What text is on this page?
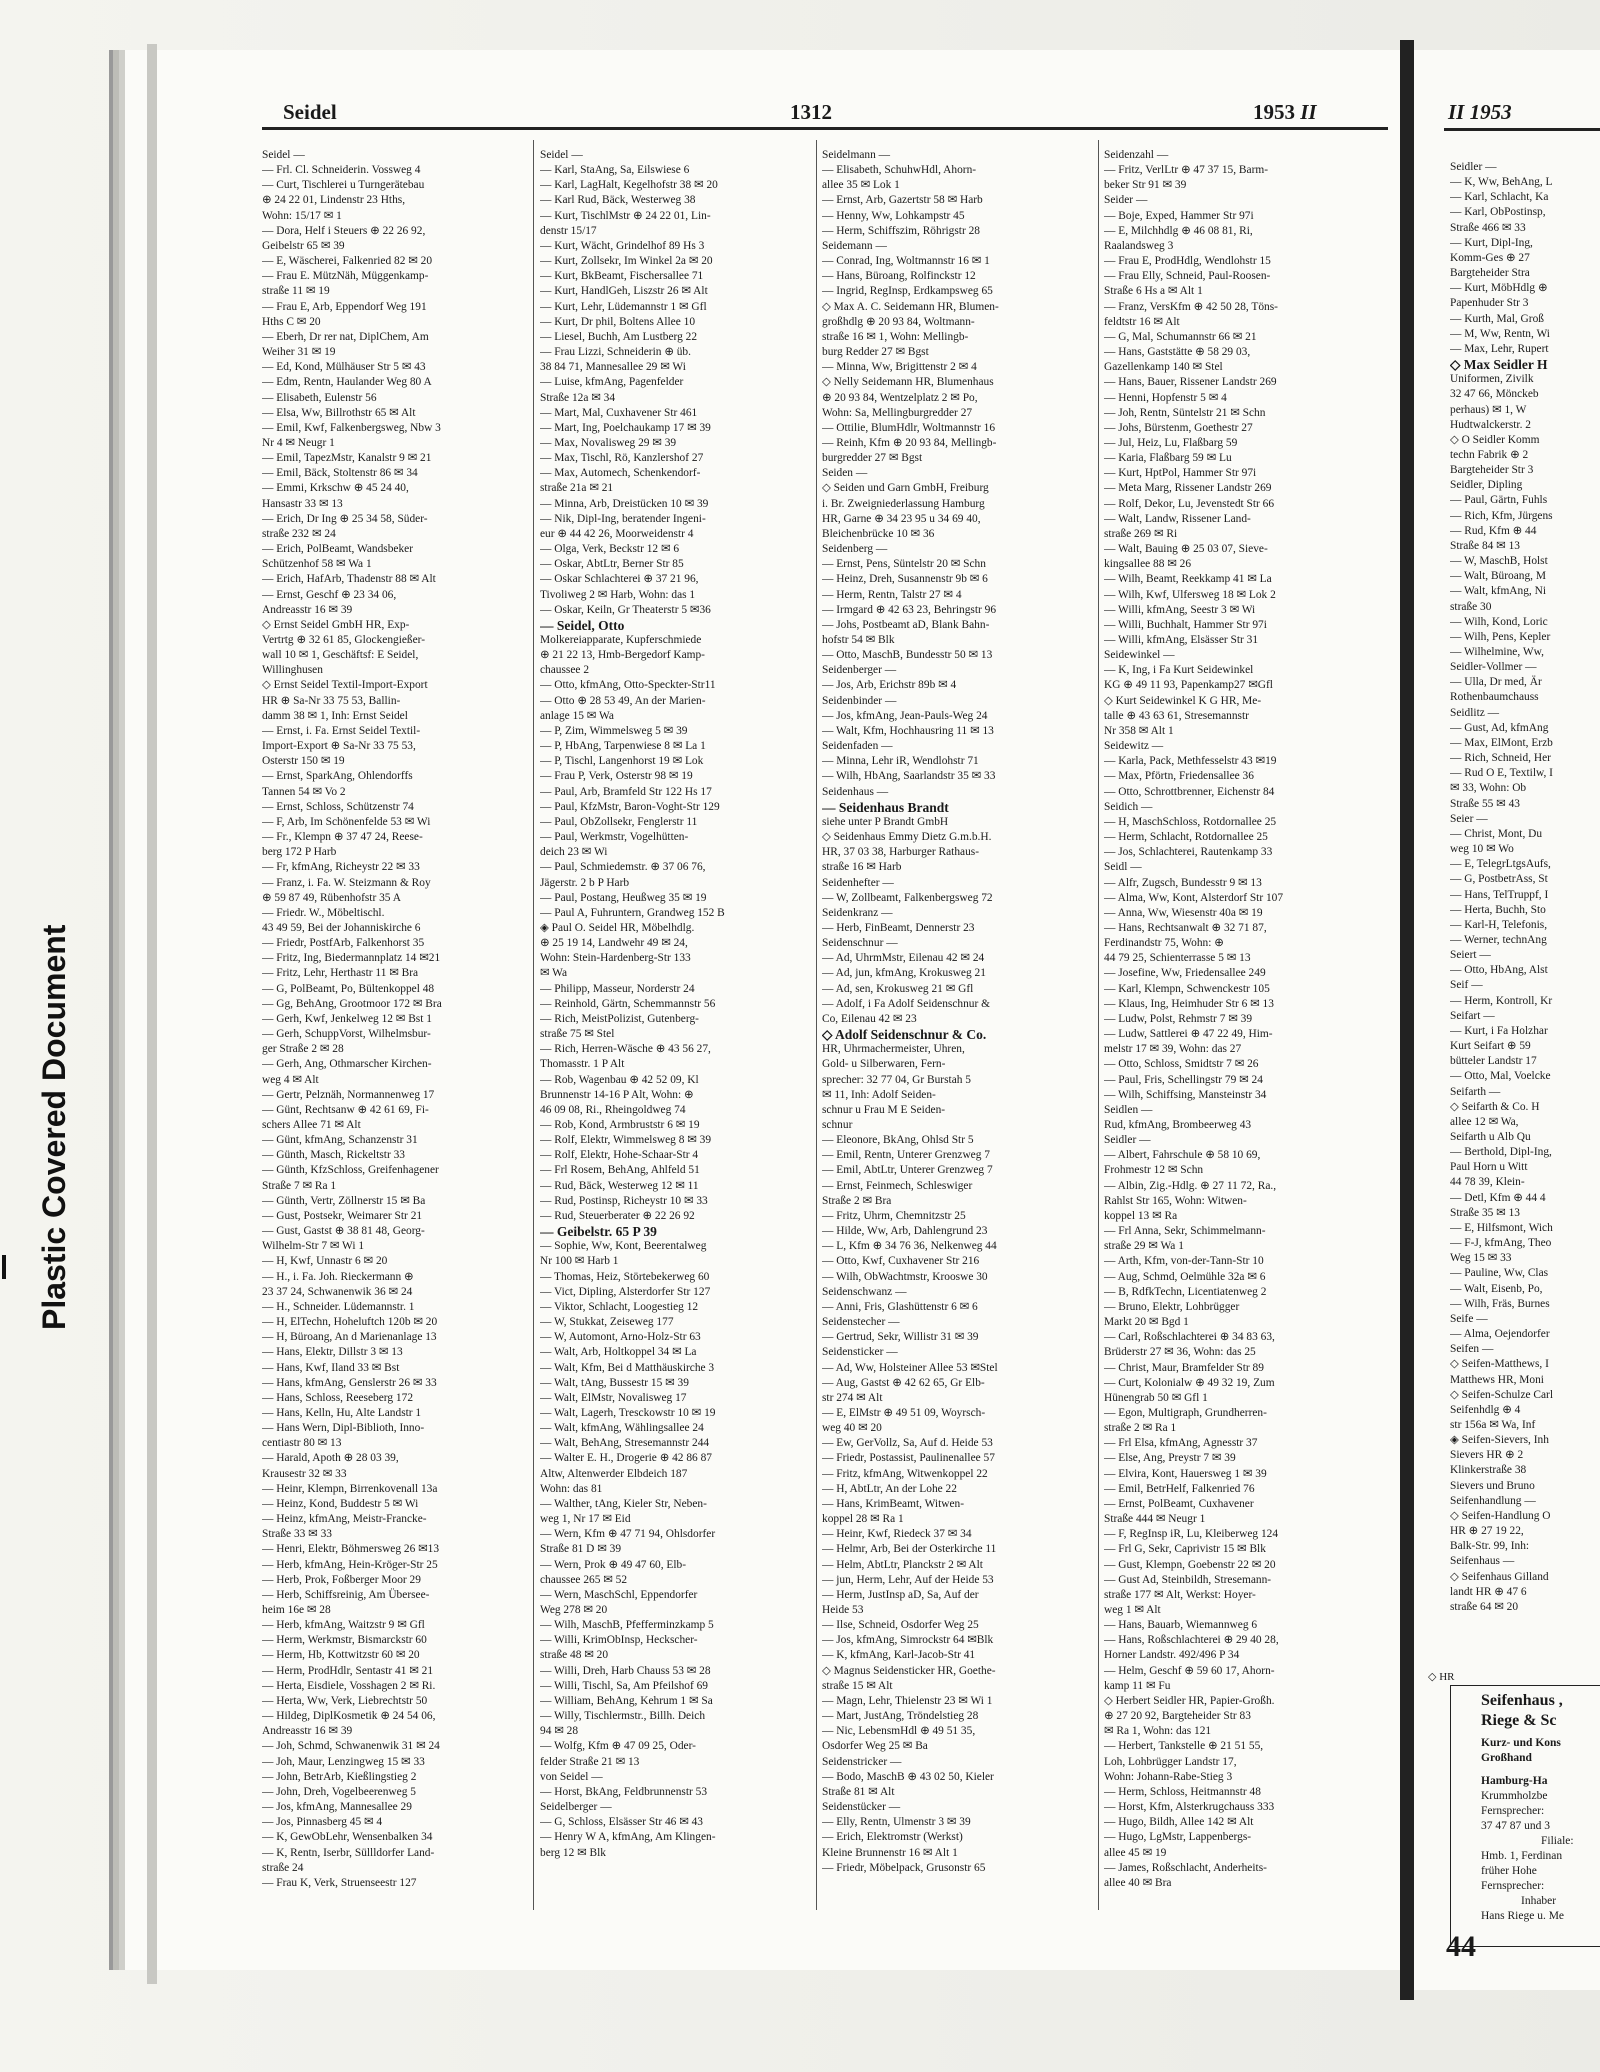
Plastic Covered Document
Seidel	1312	1953 II
Seidel —
— Frl. Cl. Schneiderin. Vossweg 4
— Curt, Tischlerei u Turngerätebau
⊕ 24 22 01, Lindenstr 23 Hths,
Wohn: 15/17 ✉ 1
— Dora, Helf i Steuers ⊕ 22 26 92,
Geibelstr 65 ✉ 39
— E, Wäscherei, Falkenried 82 ✉ 20
— Frau E. MützNäh, Müggenkamp-
straße 11 ✉ 19
— Frau E, Arb, Eppendorf Weg 191
Hths C ✉ 20
— Eberh, Dr rer nat, DiplChem, Am
Weiher 31 ✉ 19
— Ed, Kond, Mülhäuser Str 5 ✉ 43
— Edm, Rentn, Haulander Weg 80 A
— Elisabeth, Eulenstr 56
— Elsa, Ww, Billrothstr 65 ✉ Alt
— Emil, Kwf, Falkenbergsweg, Nbw 3
Nr 4 ✉ Neugr 1
— Emil, TapezMstr, Kanalstr 9 ✉ 21
— Emil, Bäck, Stoltenstr 86 ✉ 34
— Emmi, Krkschw ⊕ 45 24 40,
Hansastr 33 ✉ 13
— Erich, Dr Ing ⊕ 25 34 58, Süder-
straße 232 ✉ 24
— Erich, PolBeamt, Wandsbeker
Schützenhof 58 ✉ Wa 1
— Erich, HafArb, Thadenstr 88 ✉ Alt
— Ernst, Geschf ⊕ 23 34 06,
Andreasstr 16 ✉ 39
◇ Ernst Seidel GmbH HR, Exp-
Vertrtg ⊕ 32 61 85, Glockengießer-
wall 10 ✉ 1, Geschäftsf: E Seidel,
Willinghusen
◇ Ernst Seidel Textil-Import-Export
HR ⊕ Sa-Nr 33 75 53, Ballin-
damm 38 ✉ 1, Inh: Ernst Seidel
— Ernst, i. Fa. Ernst Seidel Textil-
Import-Export ⊕ Sa-Nr 33 75 53,
Osterstr 150 ✉ 19
— Ernst, SparkAng, Ohlendorffs
Tannen 54 ✉ Vo 2
— Ernst, Schloss, Schützenstr 74
— F, Arb, Im Schönenfelde 53 ✉ Wi
— Fr., Klempn ⊕ 37 47 24, Reese-
berg 172 P Harb
— Fr, kfmAng, Richeystr 22 ✉ 33
— Franz, i. Fa. W. Steizmann & Roy
⊕ 59 87 49, Rübenhofstr 35 A
— Friedr. W., Möbeltischl.
43 49 59, Bei der Johanniskirche 6
— Friedr, PostfArb, Falkenhorst 35
— Fritz, Ing, Biedermannplatz 14 ✉21
— Fritz, Lehr, Herthastr 11 ✉ Bra
— G, PolBeamt, Po, Bültenkoppel 48
— Gg, BehAng, Grootmoor 172 ✉ Bra
— Gerh, Kwf, Jenkelweg 12 ✉ Bst 1
— Gerh, SchuppVorst, Wilhelmsbur-
ger Straße 2 ✉ 28
— Gerh, Ang, Othmarscher Kirchen-
weg 4 ✉ Alt
— Gertr, Pelznäh, Normannenweg 17
— Günt, Rechtsanw ⊕ 42 61 69, Fi-
schers Allee 71 ✉ Alt
— Günt, kfmAng, Schanzenstr 31
— Günth, Masch, Rickeltstr 33
— Günth, KfzSchloss, Greifenhagener
Straße 7 ✉ Ra 1
— Günth, Vertr, Zöllnerstr 15 ✉ Ba
— Gust, Postsekr, Weimarer Str 21
— Gust, Gastst ⊕ 38 81 48, Georg-
Wilhelm-Str 7 ✉ Wi 1
— H, Kwf, Unnastr 6 ✉ 20
— H., i. Fa. Joh. Rieckermann ⊕
23 37 24, Schwanenwik 36 ✉ 24
— H., Schneider. Lüdemannstr. 1
— H, ElTechn, Hoheluftch 120b ✉ 20
— H, Büroang, An d Marienanlage 13
— Hans, Elektr, Dillstr 3 ✉ 13
— Hans, Kwf, Iland 33 ✉ Bst
— Hans, kfmAng, Genslerstr 26 ✉ 33
— Hans, Schloss, Reeseberg 172
— Hans, Kelln, Hu, Alte Landstr 1
— Hans Wern, Dipl-Biblioth, Inno-
centiastr 80 ✉ 13
— Harald, Apoth ⊕ 28 03 39,
Krausestr 32 ✉ 33
— Heinr, Klempn, Birrenkovenall 13a
— Heinz, Kond, Buddestr 5 ✉ Wi
— Heinz, kfmAng, Meistr-Francke-
Straße 33 ✉ 33
— Henri, Elektr, Böhmersweg 26 ✉13
— Herb, kfmAng, Hein-Kröger-Str 25
— Herb, Prok, Foßberger Moor 29
— Herb, Schiffsreinig, Am Überseе-
heim 16e ✉ 28
— Herb, kfmAng, Waitzstr 9 ✉ Gfl
— Herm, Werkmstr, Bismarckstr 60
— Herm, Hb, Kottwitzstr 60 ✉ 20
— Herm, ProdHdlr, Sentastr 41 ✉ 21
— Herta, Eisdiele, Vosshagen 2 ✉ Ri.
— Herta, Ww, Verk, Liebrechtstr 50
— Hildeg, DiplKosmetik ⊕ 24 54 06,
Andreasstr 16 ✉ 39
— Joh, Schmd, Schwanenwik 31 ✉ 24
— Joh, Maur, Lenzingweg 15 ✉ 33
— John, BetrArb, Kießlingstieg 2
— John, Dreh, Vogelbeerenweg 5
— Jos, kfmAng, Mannesallee 29
— Jos, Pinnasberg 45 ✉ 4
— K, GewObLehr, Wensenbalken 34
— K, Rentn, Iserbr, Süllldorfer Land-
straße 24
— Frau K, Verk, Struenseestr 127
Seidel —
— Karl, StaAng, Sa, Eilswiese 6
— Karl, LagHalt, Kegelhofstr 38 ✉ 20
— Karl Rud, Bäck, Westerweg 38
— Kurt, TischlMstr ⊕ 24 22 01, Lin-
denstr 15/17
— Kurt, Wächt, Grindelhof 89 Hs 3
— Kurt, Zollsekr, Im Winkel 2a ✉ 20
— Kurt, BkBeamt, Fischersallee 71
— Kurt, HandlGeh, Liszstr 26 ✉ Alt
— Kurt, Lehr, Lüdemannstr 1 ✉ Gfl
— Kurt, Dr phil, Boltens Allee 10
— Liesel, Buchh, Am Lustberg 22
— Frau Lizzi, Schneiderin ⊕ üb.
38 84 71, Mannesallee 29 ✉ Wi
— Luise, kfmAng, Pagenfelder
Straße 12a ✉ 34
— Mart, Mal, Cuxhavener Str 461
— Mart, Ing, Poelchaukamp 17 ✉ 39
— Max, Novalisweg 29 ✉ 39
— Max, Tischl, Rö, Kanzlershof 27
— Max, Automech, Schenkendorf-
straße 21a ✉ 21
— Minna, Arb, Dreistücken 10 ✉ 39
— Nik, Dipl-Ing, beratender Ingeni-
eur ⊕ 44 42 26, Moorweidenstr 4
— Olga, Verk, Beckstr 12 ✉ 6
— Oskar, AbtLtr, Berner Str 85
— Oskar Schlachterei ⊕ 37 21 96,
Tivoliweg 2 ✉ Harb, Wohn: das 1
— Oskar, Keiln, Gr Theaterstr 5 ✉36
— Seidel, Otto
Molkereiapparate, Kupferschmiede
⊕ 21 22 13, Hmb-Bergedorf Kamp-
chaussee 2
— Otto, kfmAng, Otto-Speckter-Str11
— Otto ⊕ 28 53 49, An der Marien-
anlage 15 ✉ Wa
— P, Zim, Wimmelsweg 5 ✉ 39
— P, HbAng, Tarpenwiese 8 ✉ La 1
— P, Tischl, Langenhorst 19 ✉ Lok
— Frau P, Verk, Osterstr 98 ✉ 19
— Paul, Arb, Bramfeld Str 122 Hs 17
— Paul, KfzMstr, Baron-Voght-Str 129
— Paul, ObZollsekr, Fenglerstr 11
— Paul, Werkmstr, Vogelhütten-
deich 23 ✉ Wi
— Paul, Schmiedemstr. ⊕ 37 06 76,
Jägerstr. 2 b P Harb
— Paul, Postang, Heußweg 35 ✉ 19
— Paul A, Fuhruntern, Grandweg 152 B
◈ Paul O. Seidel HR, Möbelhdlg.
⊕ 25 19 14, Landwehr 49 ✉ 24,
Wohn: Stein-Hardenberg-Str 133
✉ Wa
— Philipp, Masseur, Norderstr 24
— Reinhold, Gärtn, Schemmannstr 56
— Rich, MeistPolizist, Gutenberg-
straße 75 ✉ Stel
— Rich, Herren-Wäsche ⊕ 43 56 27,
Thomasstr. 1 P Alt
— Rob, Wagenbau ⊕ 42 52 09, Kl
Brunnenstr 14-16 P Alt, Wohn: ⊕
46 09 08, Ri., Rheingoldweg 74
— Rob, Kond, Armbruststr 6 ✉ 19
— Rolf, Elektr, Wimmelsweg 8 ✉ 39
— Rolf, Elektr, Hohe-Schaar-Str 4
— Frl Rosem, BehAng, Ahlfeld 51
— Rud, Bäck, Westerweg 12 ✉ 11
— Rud, Postinsp, Richeystr 10 ✉ 33
— Rud, Steuerberater ⊕ 22 26 92
— Geibelstr. 65 P 39
— Sophie, Ww, Kont, Beerentalweg
Nr 100 ✉ Harb 1
— Thomas, Heiz, Störtebekerweg 60
— Vict, Dipling, Alsterdorfer Str 127
— Viktor, Schlacht, Loogestieg 12
— W, Stukkat, Zeiseweg 177
— W, Automont, Arno-Holz-Str 63
— Walt, Arb, Holtkoppel 34 ✉ La
— Walt, Kfm, Bei d Matthäuskirche 3
— Walt, tAng, Bussestr 15 ✉ 39
— Walt, ElMstr, Novalisweg 17
— Walt, Lagerh, Tresckowstr 10 ✉ 19
— Walt, kfmAng, Wählingsallee 24
— Walt, BehAng, Stresemannstr 244
— Walter E. H., Drogerie ⊕ 42 86 87
Altw, Altenwerder Elbdeich 187
Wohn: das 81
— Walther, tAng, Kieler Str, Neben-
weg 1, Nr 17 ✉ Eid
— Wern, Kfm ⊕ 47 71 94, Ohlsdorfer
Straße 81 D ✉ 39
— Wern, Prok ⊕ 49 47 60, Elb-
chaussee 265 ✉ 52
— Wern, MaschSchl, Eppendorfer
Weg 278 ✉ 20
— Wilh, MaschB, Pfefferminzkamp 5
— Willi, KrimObInsp, Heckscher-
straße 48 ✉ 20
— Willi, Dreh, Harb Chauss 53 ✉ 28
— Willi, Tischl, Sa, Am Pfeilshof 69
— William, BehAng, Kehrum 1 ✉ Sa
— Willy, Tischlermstr., Billh. Deich
94 ✉ 28
— Wolfg, Kfm ⊕ 47 09 25, Oder-
felder Straße 21 ✉ 13
von Seidel —
— Horst, BkAng, Feldbrunnenstr 53
Seidelberger —
— G, Schloss, Elsässer Str 46 ✉ 43
— Henry W A, kfmAng, Am Klingen-
berg 12 ✉ Blk
Seidelmann —
— Elisabeth, SchuhwHdl, Ahorn-
allee 35 ✉ Lok 1
— Ernst, Arb, Gazertstr 58 ✉ Harb
— Henny, Ww, Lohkampstr 45
— Herm, Schiffszim, Röhrigstr 28
Seidemann —
— Conrad, Ing, Woltmannstr 16 ✉ 1
— Hans, Büroang, Rolfinckstr 12
— Ingrid, RegInsp, Erdkampsweg 65
◇ Max A. C. Seidemann HR, Blumen-
großhdlg ⊕ 20 93 84, Woltmann-
straße 16 ✉ 1, Wohn: Mellingb-
burg Redder 27 ✉ Bgst
— Minna, Ww, Brigittenstr 2 ✉ 4
◇ Nelly Seidemann HR, Blumenhaus
⊕ 20 93 84, Wentzelplatz 2 ✉ Po,
Wohn: Sa, Mellingburgredder 27
— Ottilie, BlumHdlr, Woltmannstr 16
— Reinh, Kfm ⊕ 20 93 84, Mellingb-
burgredder 27 ✉ Bgst
Seiden —
◇ Seiden und Garn GmbH, Freiburg
i. Br. Zweigniederlassung Hamburg
HR, Garne ⊕ 34 23 95 u 34 69 40,
Bleichenbrücke 10 ✉ 36
Seidenberg —
— Ernst, Pens, Süntelstr 20 ✉ Schn
— Heinz, Dreh, Susannenstr 9b ✉ 6
— Herm, Rentn, Talstr 27 ✉ 4
— Irmgard ⊕ 42 63 23, Behringstr 96
— Johs, Postbeamt aD, Blank Bahn-
hofstr 54 ✉ Blk
— Otto, MaschB, Bundesstr 50 ✉ 13
Seidenberger —
— Jos, Arb, Erichstr 89b ✉ 4
Seidenbinder —
— Jos, kfmAng, Jean-Pauls-Weg 24
— Walt, Kfm, Hochhausring 11 ✉ 13
Seidenfaden —
— Minna, Lehr iR, Wendlohstr 71
— Wilh, HbAng, Saarlandstr 35 ✉ 33
Seidenhaus —
— Seidenhaus Brandt
siehe unter P Brandt GmbH
◇ Seidenhaus Emmy Dietz G.m.b.H.
HR, 37 03 38, Harburger Rathaus-
straße 16 ✉ Harb
Seidenhefter —
— W, Zollbeamt, Falkenbergsweg 72
Seidenkranz —
— Herb, FinBeamt, Dennerstr 23
Seidenschnur —
— Ad, UhrmMstr, Eilenau 42 ✉ 24
— Ad, jun, kfmAng, Krokusweg 21
— Ad, sen, Krokusweg 21 ✉ Gfl
— Adolf, i Fa Adolf Seidenschnur &
Co, Eilenau 42 ✉ 23
◇ Adolf Seidenschnur & Co.
HR, Uhrmachermeister, Uhren,
Gold- u Silberwaren, Fern-
sprecher: 32 77 04, Gr Burstah 5
✉ 11, Inh: Adolf Seiden-
schnur u Frau M E Seiden-
schnur
— Eleonore, BkAng, Ohlsd Str 5
— Emil, Rentn, Unterer Grenzweg 7
— Emil, AbtLtr, Unterer Grenzweg 7
— Ernst, Feinmech, Schleswiger
Straße 2 ✉ Bra
— Fritz, Uhrm, Chemnitzstr 25
— Hilde, Ww, Arb, Dahlengrund 23
— L, Kfm ⊕ 34 76 36, Nelkenweg 44
— Otto, Kwf, Cuxhavener Str 216
— Wilh, ObWachtmstr, Krooswe 30
Seidenschwanz —
— Anni, Fris, Glashüttenstr 6 ✉ 6
Seidenstecher —
— Gertrud, Sekr, Willistr 31 ✉ 39
Seidensticker —
— Ad, Ww, Holsteiner Allee 53 ✉Stel
— Aug, Gastst ⊕ 42 62 65, Gr Elb-
str 274 ✉ Alt
— E, ElMstr ⊕ 49 51 09, Woyrsch-
weg 40 ✉ 20
— Ew, GerVollz, Sa, Auf d. Heide 53
— Friedr, Postassist, Paulinenallee 57
— Fritz, kfmAng, Witwenkoppel 22
— H, AbtLtr, An der Lohe 22
— Hans, KrimBeamt, Witwen-
koppel 28 ✉ Ra 1
— Heinr, Kwf, Riedeck 37 ✉ 34
— Helmr, Arb, Bei der Osterkirche 11
— Helm, AbtLtr, Planckstr 2 ✉ Alt
— jun, Herm, Lehr, Auf der Heide 53
— Herm, JustInsp aD, Sa, Auf der
Heide 53
— Ilse, Schneid, Osdorfer Weg 25
— Jos, kfmAng, Simrockstr 64 ✉Blk
— K, kfmAng, Karl-Jacob-Str 41
◇ Magnus Seidensticker HR, Goethe-
straße 15 ✉ Alt
— Magn, Lehr, Thielenstr 23 ✉ Wi 1
— Mart, JustAng, Tröndelstieg 28
— Nic, LebensmHdl ⊕ 49 51 35,
Osdorfer Weg 25 ✉ Ba
Seidenstricker —
— Bodo, MaschB ⊕ 43 02 50, Kieler
Straße 81 ✉ Alt
Seidenstücker —
— Elly, Rentn, Ulmenstr 3 ✉ 39
— Erich, Elektromstr (Werkst)
Kleine Brunnenstr 16 ✉ Alt 1
— Friedr, Möbelpack, Grusonstr 65
Seidenzahl —
— Fritz, VerlLtr ⊕ 47 37 15, Barm-
beker Str 91 ✉ 39
Seider —
— Boje, Exped, Hammer Str 97i
— E, Milchhdlg ⊕ 46 08 81, Ri,
Raalandsweg 3
— Frau E, ProdHdlg, Wendlohstr 15
— Frau Elly, Schneid, Paul-Roosen-
Straße 6 Hs a ✉ Alt 1
— Franz, VersKfm ⊕ 42 50 28, Töns-
feldtstr 16 ✉ Alt
— G, Mal, Schumannstr 66 ✉ 21
— Hans, Gaststätte ⊕ 58 29 03,
Gazellenkamp 140 ✉ Stel
— Hans, Bauer, Rissener Landstr 269
— Henni, Hopfenstr 5 ✉ 4
— Joh, Rentn, Süntelstr 21 ✉ Schn
— Johs, Bürstenm, Goethestr 27
— Jul, Heiz, Lu, Flaßbarg 59
— Karia, Flaßbarg 59 ✉ Lu
— Kurt, HptPol, Hammer Str 97i
— Meta Marg, Rissener Landstr 269
— Rolf, Dekor, Lu, Jevenstedt Str 66
— Walt, Landw, Rissener Land-
straße 269 ✉ Ri
— Walt, Bauing ⊕ 25 03 07, Sieve-
kingsallee 88 ✉ 26
— Wilh, Beamt, Reekkamp 41 ✉ La
— Wilh, Kwf, Ulfersweg 18 ✉ Lok 2
— Willi, kfmAng, Seestr 3 ✉ Wi
— Willi, Buchhalt, Hammer Str 97i
— Willi, kfmAng, Elsässer Str 31
Seidewinkel —
— K, Ing, i Fa Kurt Seidewinkel
KG ⊕ 49 11 93, Papenkamp27 ✉Gfl
◇ Kurt Seidewinkel K G HR, Me-
talle ⊕ 43 63 61, Stresemannstr
Nr 358 ✉ Alt 1
Seidewitz —
— Karla, Pack, Methfesselstr 43 ✉19
— Max, Pförtn, Friedensallee 36
— Otto, Schrottbrenner, Eichenstr 84
Seidich —
— H, MaschSchloss, Rotdornallee 25
— Herm, Schlacht, Rotdornallee 25
— Jos, Schlachterei, Rautenkamp 33
Seidl —
— Alfr, Zugsch, Bundesstr 9 ✉ 13
— Alma, Ww, Kont, Alsterdorf Str 107
— Anna, Ww, Wiesenstr 40a ✉ 19
— Hans, Rechtsanwalt ⊕ 32 71 87,
Ferdinandstr 75, Wohn: ⊕
44 79 25, Schienterrasse 5 ✉ 13
— Josefine, Ww, Friedensallee 249
— Karl, Klempn, Schwenckestr 105
— Klaus, Ing, Heimhuder Str 6 ✉ 13
— Ludw, Polst, Rehmstr 7 ✉ 39
— Ludw, Sattlerei ⊕ 47 22 49, Him-
melstr 17 ✉ 39, Wohn: das 27
— Otto, Schloss, Smidtstr 7 ✉ 26
— Paul, Fris, Schellingstr 79 ✉ 24
— Wilh, Schiffsing, Mansteinstr 34
Seidlen —
Rud, kfmAng, Brombeerweg 43
Seidler —
— Albert, Fahrschule ⊕ 58 10 69,
Frohmestr 12 ✉ Schn
— Albin, Zig.-Hdlg. ⊕ 27 11 72, Ra.,
Rahlst Str 165, Wohn: Witwen-
koppel 13 ✉ Ra
— Frl Anna, Sekr, Schimmelmann-
straße 29 ✉ Wa 1
— Arth, Kfm, von-der-Tann-Str 10
— Aug, Schmd, Oelmühle 32a ✉ 6
— B, RdfkTechn, Licentiatenweg 2
— Bruno, Elektr, Lohbrügger
Markt 20 ✉ Bgd 1
— Carl, Roßschlachterei ⊕ 34 83 63,
Brüderstr 27 ✉ 36, Wohn: das 25
— Christ, Maur, Bramfelder Str 89
— Curt, Kolonialw ⊕ 49 32 19, Zum
Hünengrab 50 ✉ Gfl 1
— Egon, Multigraph, Grundherren-
straße 2 ✉ Ra 1
— Frl Elsa, kfmAng, Agnesstr 37
— Else, Ang, Preystr 7 ✉ 39
— Elvira, Kont, Hauersweg 1 ✉ 39
— Emil, BetrHelf, Falkenried 76
— Ernst, PolBeamt, Cuxhavener
Straße 444 ✉ Neugr 1
— F, RegInsp iR, Lu, Kleiberweg 124
— Frl G, Sekr, Caprivistr 15 ✉ Blk
— Gust, Klempn, Goebenstr 22 ✉ 20
— Gust Ad, Steinbildh, Stresemann-
straße 177 ✉ Alt, Werkst: Hoyer-
weg 1 ✉ Alt
— Hans, Bauarb, Wiemannweg 6
— Hans, Roßschlachterei ⊕ 29 40 28,
Horner Landstr. 492/496 P 34
— Helm, Geschf ⊕ 59 60 17, Ahorn-
kamp 11 ✉ Fu
◇ Herbert Seidler HR, Papier-Großh.
⊕ 27 20 92, Bargteheider Str 83
✉ Ra 1, Wohn: das 121
— Herbert, Tankstelle ⊕ 21 51 55,
Loh, Lohbrügger Landstr 17,
Wohn: Johann-Rabe-Stieg 3
— Herm, Schloss, Heitmannstr 48
— Horst, Kfm, Alsterkrugchauss 333
— Hugo, Bildh, Allee 142 ✉ Alt
— Hugo, LgMstr, Lappenbergs-
allee 45 ✉ 19
— James, Roßschlacht, Anderheits-
allee 40 ✉ Bra
II 1953
Seidler —
— K, Ww, BehAng, L
— Karl, Schlacht, Ka
— Karl, ObPostinsp,
Straße 466 ✉ 33
— Kurt, Dipl-Ing,
Komm-Ges ⊕ 27
Bargteheider Stra
— Kurt, MöbHdlg ⊕
Papenhuder Str 3
— Kurth, Mal, Groß
— M, Ww, Rentn, Wi
— Max, Lehr, Rupert
◇ Max Seidler H
Uniformen, Zivilk
32 47 66, Mönckeb
perhaus) ✉ 1, W
Hudtwalckerstr. 2
◇ O Seidler Komm
techn Fabrik ⊕ 2
Bargteheider Str 3
Seidler, Dipling
— Paul, Gärtn, Fuhls
— Rich, Kfm, Jürgens
— Rud, Kfm ⊕ 44
Straße 84 ✉ 13
— W, MaschB, Holst
— Walt, Büroang, M
— Walt, kfmAng, Ni
straße 30
— Wilh, Kond, Loric
— Wilh, Pens, Kepler
— Wilhelmine, Ww,
Seidler-Vollmer —
— Ulla, Dr med, Är
Rothenbaumchauss
Seidlitz —
— Gust, Ad, kfmAng
— Max, ElMont, Erzb
— Rich, Schneid, Her
— Rud O E, Textilw, I
✉ 33, Wohn: Ob
Straße 55 ✉ 43
Seier —
— Christ, Mont, Du
weg 10 ✉ Wo
— E, TelegrLtgsAufs,
— G, PostbetrAss, St
— Hans, TelTruppf, I
— Herta, Buchh, Sto
— Karl-H, Telefonis,
— Werner, technAng
Seiert —
— Otto, HbAng, Alst
Seif —
— Herm, Kontroll, Kr
Seifart —
— Kurt, i Fa Holzhar
Kurt Seifart ⊕ 59
bütteler Landstr 17
— Otto, Mal, Voelcke
Seifarth —
◇ Seifarth & Co. H
allee 12 ✉ Wa,
Seifarth u Alb Qu
— Berthold, Dipl-Ing,
Paul Horn u Witt
44 78 39, Klein-
— Detl, Kfm ⊕ 44 4
Straße 35 ✉ 13
— E, Hilfsmont, Wich
— F-J, kfmAng, Theo
Weg 15 ✉ 33
— Pauline, Ww, Clas
— Walt, Eisenb, Po,
— Wilh, Fräs, Burnes
Seife —
— Alma, Oejendorfer
Seifen —
◇ Seifen-Matthews, I
Matthews HR, Moni
◇ Seifen-Schulze Carl
Seifenhdlg ⊕ 4
str 156a ✉ Wa, Inf
◈ Seifen-Sievers, Inh
Sievers HR ⊕ 2
Klinkerstraße 38
Sievers und Bruno
Seifenhandlung —
◇ Seifen-Handlung O
HR ⊕ 27 19 22,
Balk-Str. 99, Inh:
Seifenhaus —
◇ Seifenhaus Gilland
landt HR ⊕ 47 6
straße 64 ✉ 20
◇ HR
Seifenhaus ,
Riege & Sc
Kurz- und Kons
Großhand
Hamburg-Ha
Krummholzbe
Fernsprecher:
37 47 87 und 3
Filiale:
Hmb. 1, Ferdinan
früher Hohe
Fernsprecher:
Inhaber
Hans Riege u. Me
44
